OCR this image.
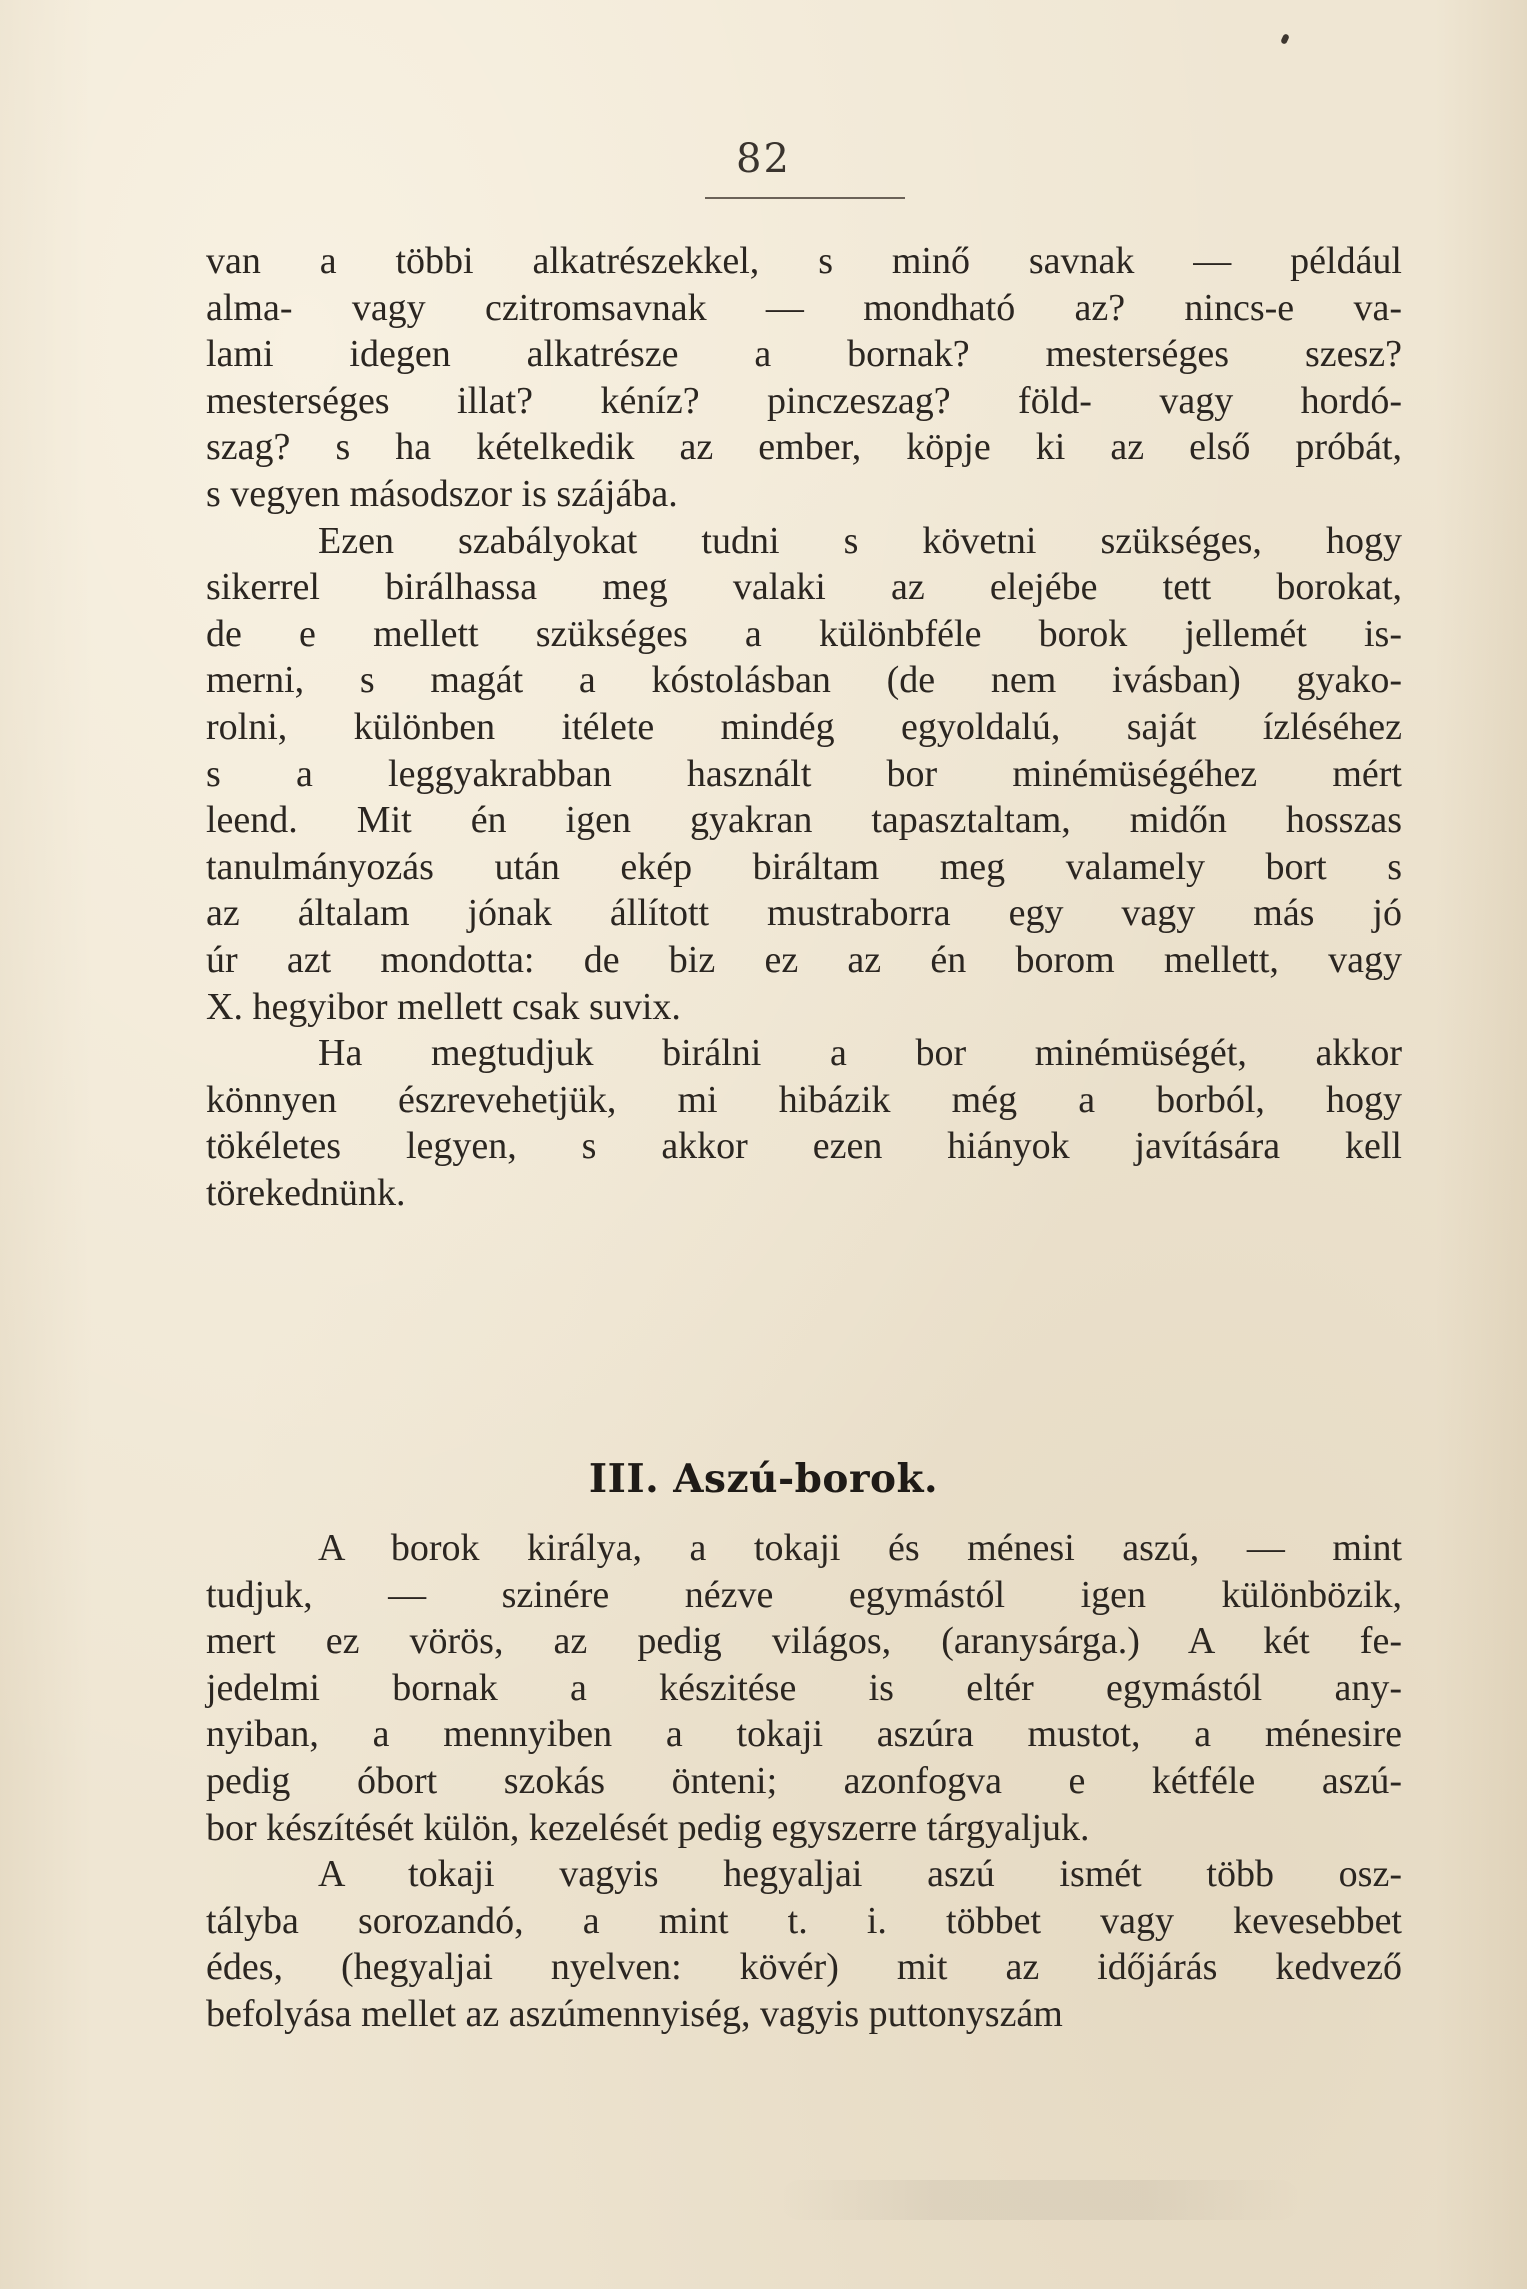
82
van a többi alkatrészekkel, s minő savnak — például
alma- vagy czitromsavnak — mondható az? nincs-e va-
lami idegen alkatrésze a bornak? mesterséges szesz?
mesterséges illat? kéníz? pinczeszag? föld- vagy hordó-
szag? s ha kételkedik az ember, köpje ki az első próbát,
s vegyen másodszor is szájába.
Ezen szabályokat tudni s követni szükséges, hogy
sikerrel birálhassa meg valaki az elejébe tett borokat,
de e mellett szükséges a különbféle borok jellemét is-
merni, s magát a kóstolásban (de nem ivásban) gyako-
rolni, különben itélete mindég egyoldalú, saját ízléséhez
s a leggyakrabban használt bor minémüségéhez mért
leend. Mit én igen gyakran tapasztaltam, midőn hosszas
tanulmányozás után ekép biráltam meg valamely bort s
az általam jónak állított mustraborra egy vagy más jó
úr azt mondotta: de biz ez az én borom mellett, vagy
X. hegyibor mellett csak suvix.
Ha megtudjuk birálni a bor minémüségét, akkor
könnyen észrevehetjük, mi hibázik még a borból, hogy
tökéletes legyen, s akkor ezen hiányok javítására kell
törekednünk.
III. Aszú-borok.
A borok királya, a tokaji és ménesi aszú, — mint
tudjuk, — szinére nézve egymástól igen különbözik,
mert ez vörös, az pedig világos, (aranysárga.) A két fe-
jedelmi bornak a készitése is eltér egymástól any-
nyiban, a mennyiben a tokaji aszúra mustot, a ménesire
pedig óbort szokás önteni; azonfogva e kétféle aszú-
bor készítését külön, kezelését pedig egyszerre tárgyaljuk.
A tokaji vagyis hegyaljai aszú ismét több osz-
tályba sorozandó, a mint t. i. többet vagy kevesebbet
édes, (hegyaljai nyelven: kövér) mit az időjárás kedvező
befolyása mellet az aszúmennyiség, vagyis puttonyszám
